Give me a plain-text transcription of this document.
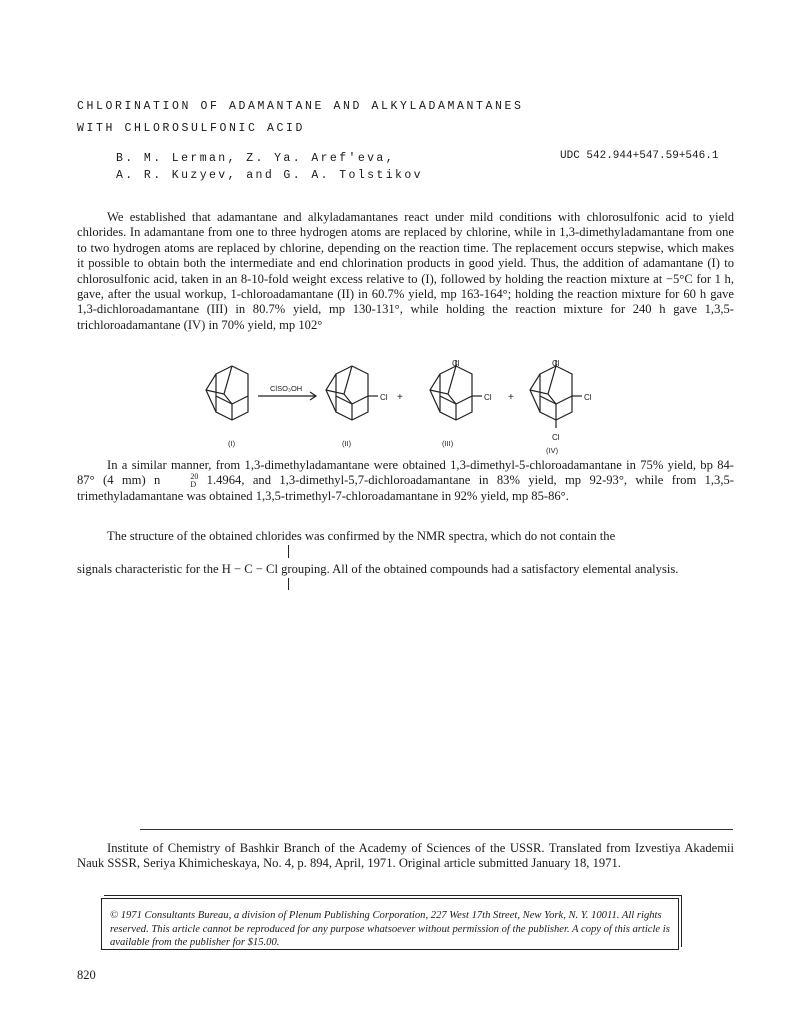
CHLORINATION OF ADAMANTANE AND ALKYLADAMANTANES
WITH CHLOROSULFONIC ACID
B. M. Lerman, Z. Ya. Aref'eva,
A. R. Kuzyev, and G. A. Tolstikov
UDC 542.944+547.59+546.1

We established that adamantane and alkyladamantanes react under mild conditions with chlorosulfonic acid to yield chlorides. In adamantane from one to three hydrogen atoms are replaced by chlorine, while in 1,3-dimethyladamantane from one to two hydrogen atoms are replaced by chlorine, depending on the reaction time. The replacement occurs stepwise, which makes it possible to obtain both the intermediate and end chlorination products in good yield. Thus, the addition of adamantane (I) to chlorosulfonic acid, taken in an 8-10-fold weight excess relative to (I), followed by holding the reaction mixture at −5°C for 1 h, gave, after the usual workup, 1-chloroadamantane (II) in 60.7% yield, mp 163-164°; holding the reaction mixture for 60 h gave 1,3-dichloroadamantane (III) in 80.7% yield, mp 130-131°, while holding the reaction mixture for 240 h gave 1,3,5-trichloroadamantane (IV) in 70% yield, mp 102°

ClSO₃OH
Cl +	Cl
Cl
+	Cl
Cl
Cl
(I)	(II)	(III)
(IV)

In a similar manner, from 1,3-dimethyladamantane were obtained 1,3-dimethyl-5-chloroadamantane in 75% yield, bp 84-87° (4 mm) n	20
D 1.4964, and 1,3-dimethyl-5,7-dichloroadamantane in 83% yield, mp 92-93°, while from 1,3,5-trimethyladamantane was obtained 1,3,5-trimethyl-7-chloroadamantane in 92% yield, mp 85-86°.

The structure of the obtained chlorides was confirmed by the NMR spectra, which do not contain the

signals characteristic for the H − C − Cl grouping. All of the obtained compounds had a satisfactory elemental analysis.

Institute of Chemistry of Bashkir Branch of the Academy of Sciences of the USSR. Translated from Izvestiya Akademii Nauk SSSR, Seriya Khimicheskaya, No. 4, p. 894, April, 1971. Original article submitted January 18, 1971.

© 1971 Consultants Bureau, a division of Plenum Publishing Corporation, 227 West 17th Street, New York, N. Y. 10011. All rights reserved. This article cannot be reproduced for any purpose whatsoever without permission of the publisher. A copy of this article is available from the publisher for $15.00.
820
